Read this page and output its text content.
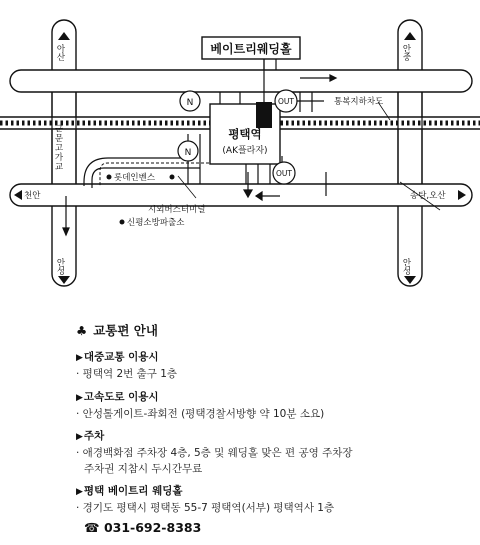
베이트리웨딩홀
평택역
(AK플라자)
N
N
OUT
OUT
통복지하차도
군문고가교
롯데인벤스
시외버스터미널
신평소방파출소
아산	안중
천안	송탄,오산
안성	안성
♣ 교통편 안내
▶대중교통 이용시
· 평택역 2번 출구 1층
▶고속도로 이용시
· 안성톨게이트-좌회전 (평택경찰서방향 약 10분 소요)
▶주차
· 애경백화점 주차장 4층, 5층 및 웨딩홀 맞은 편 공영 주차장
주차권 지참시 두시간무료
▶평택 베이트리 웨딩홀
· 경기도 평택시 평택동 55-7 평택역(서부) 평택역사 1층
☎ 031-692-8383
